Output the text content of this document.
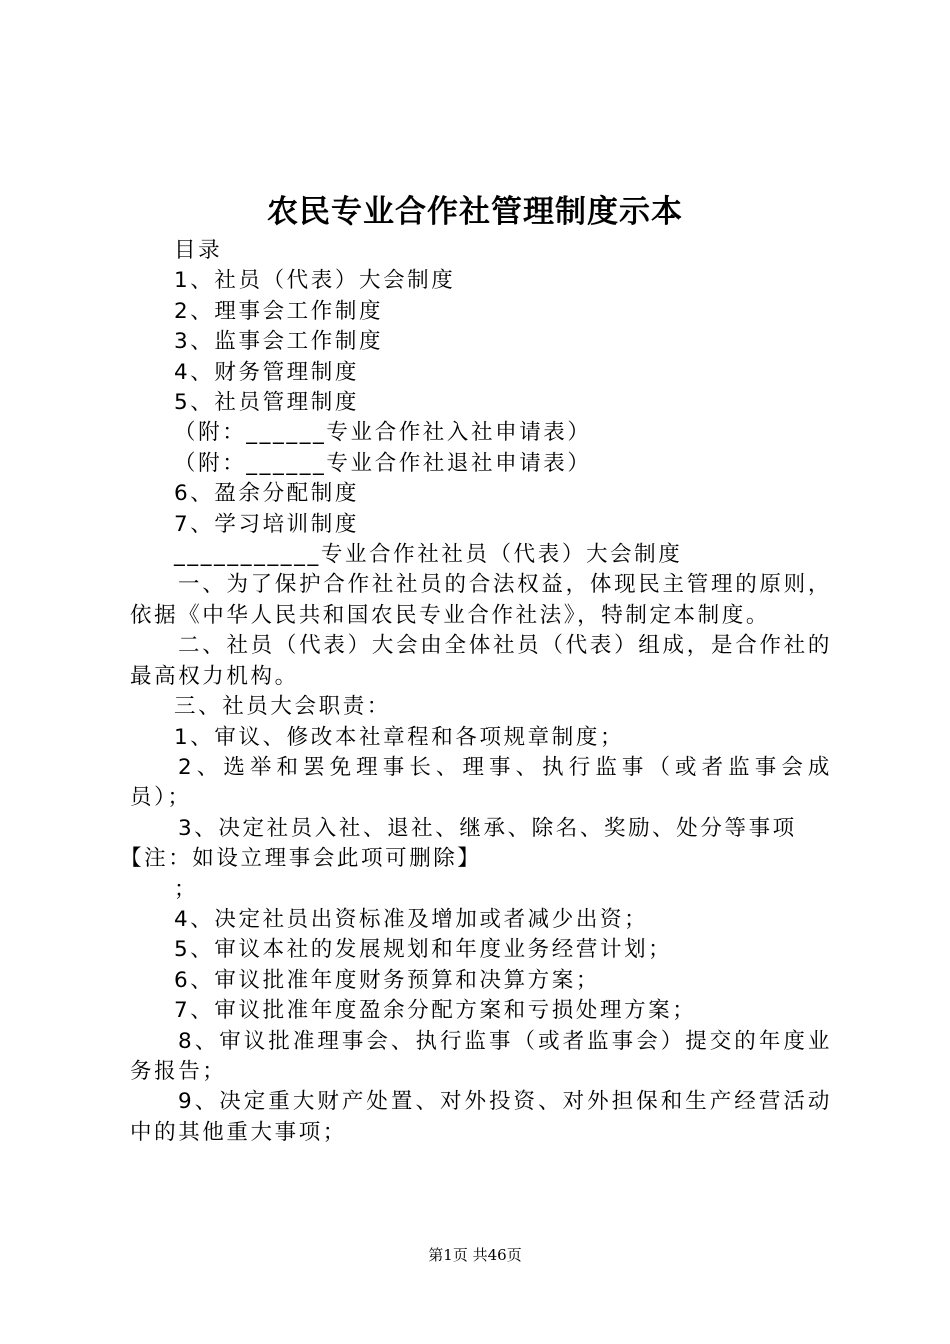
农民专业合作社管理制度示本
目录
1、社员（代表）大会制度
2、理事会工作制度
3、监事会工作制度
4、财务管理制度
5、社员管理制度
（附：______专业合作社入社申请表）
（附：______专业合作社退社申请表）
6、盈余分配制度
7、学习培训制度
___________专业合作社社员（代表）大会制度
一、为了保护合作社社员的合法权益，体现民主管理的原则，依据《中华人民共和国农民专业合作社法》，特制定本制度。
二、社员（代表）大会由全体社员（代表）组成，是合作社的最高权力机构。
三、社员大会职责：
1、审议、修改本社章程和各项规章制度；
2、选举和罢免理事长、理事、执行监事（或者监事会成员）；
3、决定社员入社、退社、继承、除名、奖励、处分等事项
【注：如设立理事会此项可删除】
；
4、决定社员出资标准及增加或者减少出资；
5、审议本社的发展规划和年度业务经营计划；
6、审议批准年度财务预算和决算方案；
7、审议批准年度盈余分配方案和亏损处理方案；
8、审议批准理事会、执行监事（或者监事会）提交的年度业务报告；
9、决定重大财产处置、对外投资、对外担保和生产经营活动中的其他重大事项；
第1页 共46页
